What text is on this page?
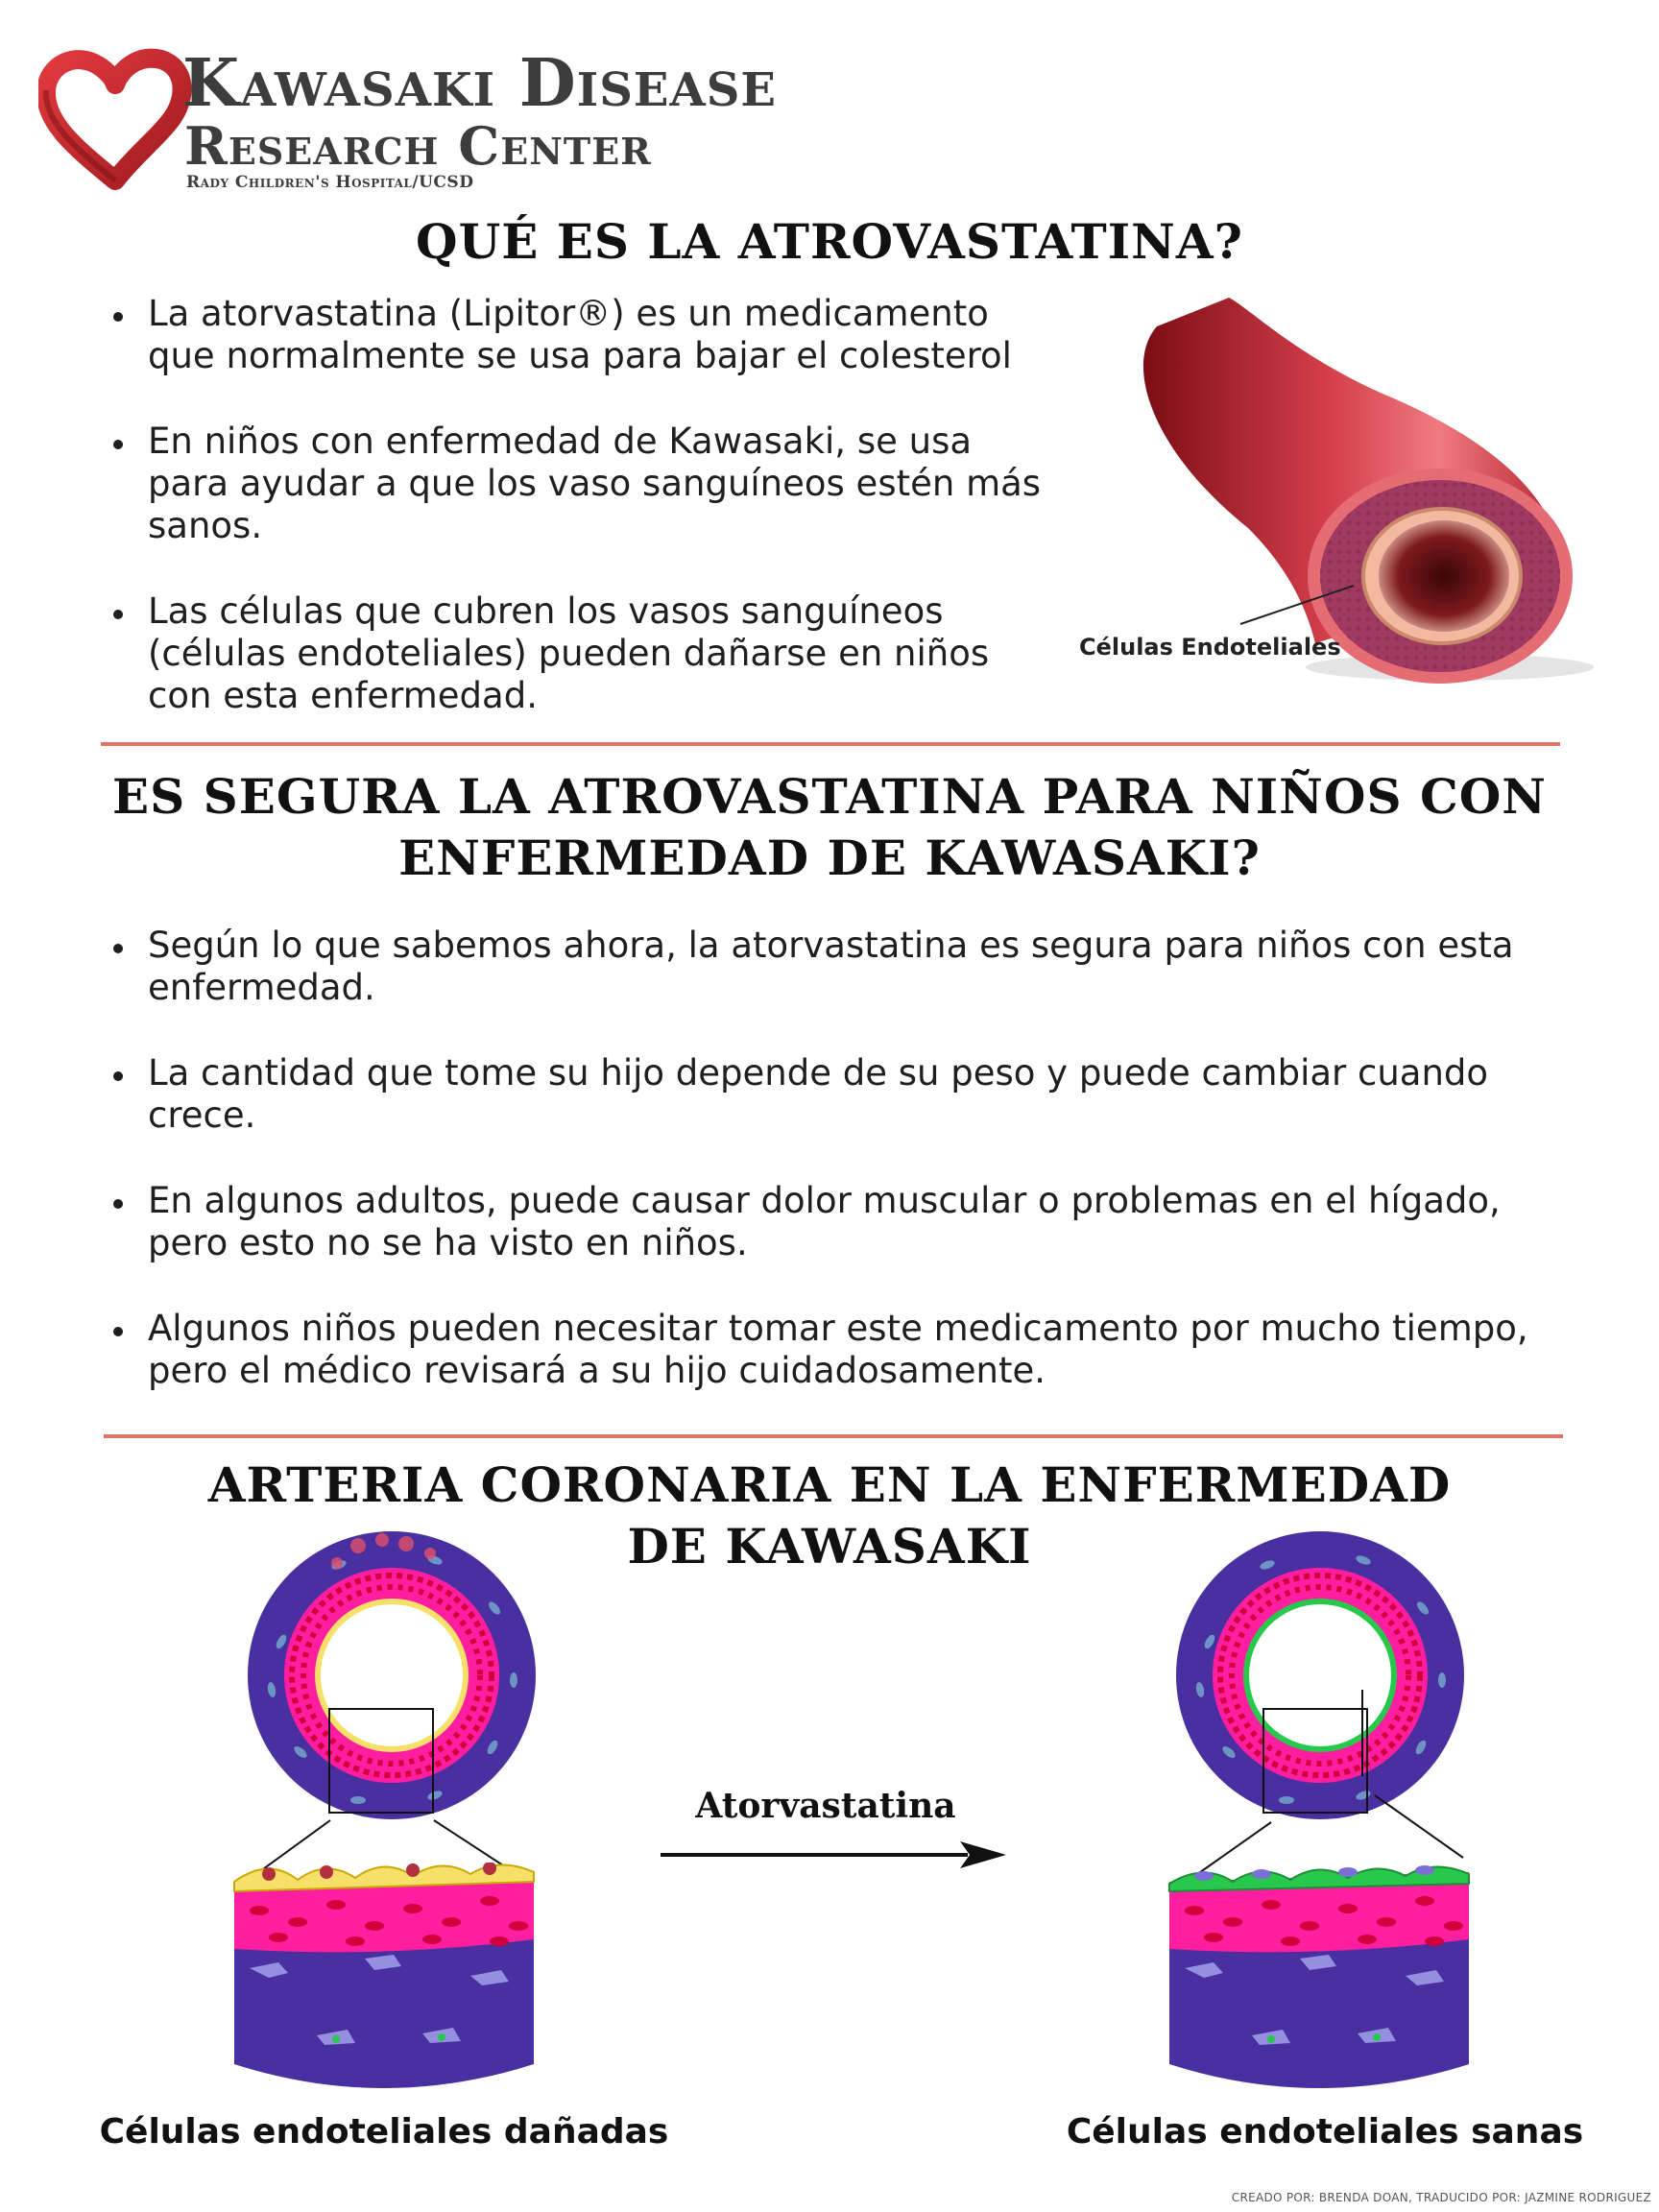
Kawasaki Disease
Research Center
Rady Children's Hospital/UCSD
QUÉ ES LA ATROVASTATINA?
La atorvastatina (Lipitor®) es un medicamento que normalmente se usa para bajar el colesterol
En niños con enfermedad de Kawasaki, se usa para ayudar a que los vaso sanguíneos estén más sanos.
Las células que cubren los vasos sanguíneos (células endoteliales) pueden dañarse en niños con esta enfermedad.
Células Endoteliales
ES SEGURA LA ATROVASTATINA PARA NIÑOS CON ENFERMEDAD DE KAWASAKI?
Según lo que sabemos ahora, la atorvastatina es segura para niños con esta enfermedad.
La cantidad que tome su hijo depende de su peso y puede cambiar cuando crece.
En algunos adultos, puede causar dolor muscular o problemas en el hígado, pero esto no se ha visto en niños.
Algunos niños pueden necesitar tomar este medicamento por mucho tiempo, pero el médico revisará a su hijo cuidadosamente.
ARTERIA CORONARIA EN LA ENFERMEDAD DE KAWASAKI
Atorvastatina
Células endoteliales dañadas	Células endoteliales sanas
CREADO POR: BRENDA DOAN, TRADUCIDO POR: JAZMINE RODRIGUEZ
